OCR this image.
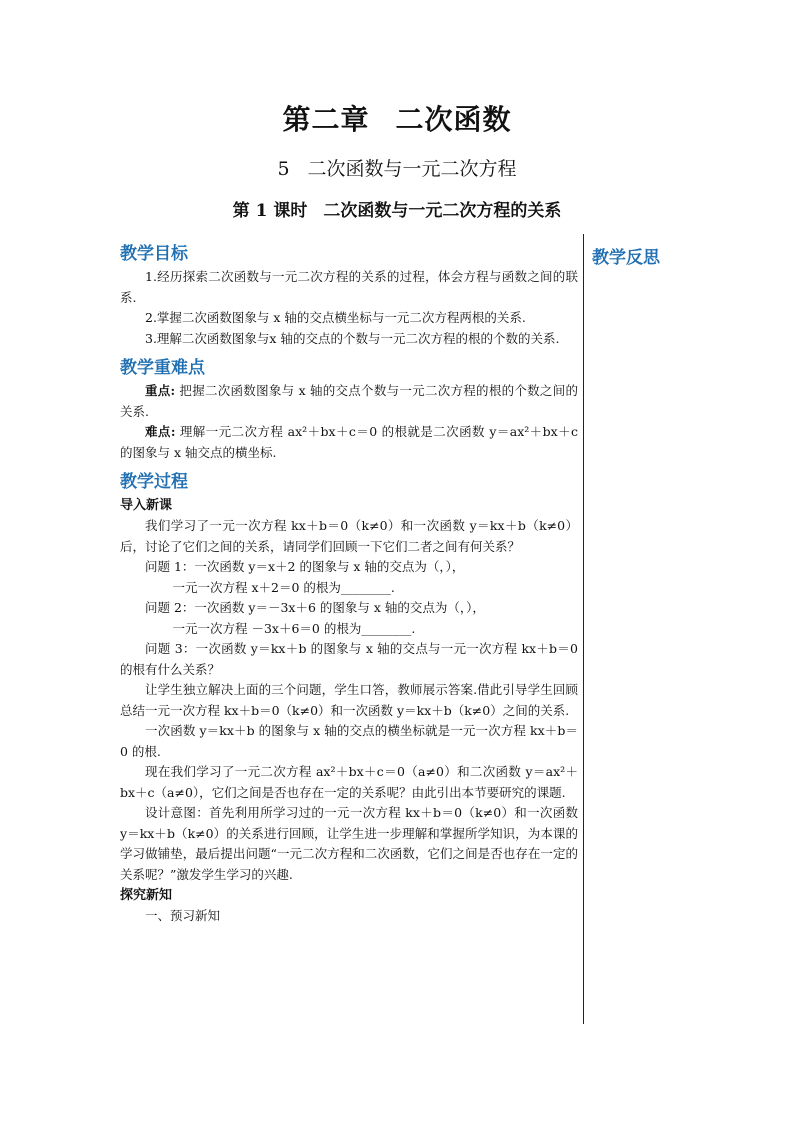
第二章 二次函数
5 二次函数与一元二次方程
第 1 课时 二次函数与一元二次方程的关系
教学反思
教学目标

1.经历探索二次函数与一元二次方程的关系的过程，体会方程与函数之间的联系.

2.掌握二次函数图象与 x 轴的交点横坐标与一元二次方程两根的关系.

3.理解二次函数图象与x 轴的交点的个数与一元二次方程的根的个数的关系.

教学重难点

重点: 把握二次函数图象与 x 轴的交点个数与一元二次方程的根的个数之间的关系.

难点: 理解一元二次方程 ax²＋bx＋c＝0 的根就是二次函数 y＝ax²＋bx＋c 的图象与 x 轴交点的横坐标.

教学过程
导入新课

我们学习了一元一次方程 kx＋b＝0（k≠0）和一次函数 y＝kx＋b（k≠0）后，讨论了它们之间的关系，请同学们回顾一下它们二者之间有何关系？

问题 1：一次函数 y＝x＋2 的图象与 x 轴的交点为（，），

一元一次方程 x＋2＝0 的根为________.

问题 2：一次函数 y＝－3x＋6 的图象与 x 轴的交点为（，），

一元一次方程 －3x＋6＝0 的根为________.

问题 3：一次函数 y＝kx＋b 的图象与 x 轴的交点与一元一次方程 kx＋b＝0 的根有什么关系？

让学生独立解决上面的三个问题，学生口答，教师展示答案.借此引导学生回顾总结一元一次方程 kx＋b＝0（k≠0）和一次函数 y＝kx＋b（k≠0）之间的关系.

一次函数 y＝kx＋b 的图象与 x 轴的交点的横坐标就是一元一次方程 kx＋b＝0 的根.

现在我们学习了一元二次方程 ax²＋bx＋c＝0（a≠0）和二次函数 y＝ax²＋bx＋c（a≠0），它们之间是否也存在一定的关系呢？由此引出本节要研究的课题.

设计意图：首先利用所学习过的一元一次方程 kx＋b＝0（k≠0）和一次函数 y＝kx＋b（k≠0）的关系进行回顾，让学生进一步理解和掌握所学知识，为本课的学习做铺垫，最后提出问题“一元二次方程和二次函数，它们之间是否也存在一定的关系呢？”激发学生学习的兴趣.

探究新知

一、预习新知
